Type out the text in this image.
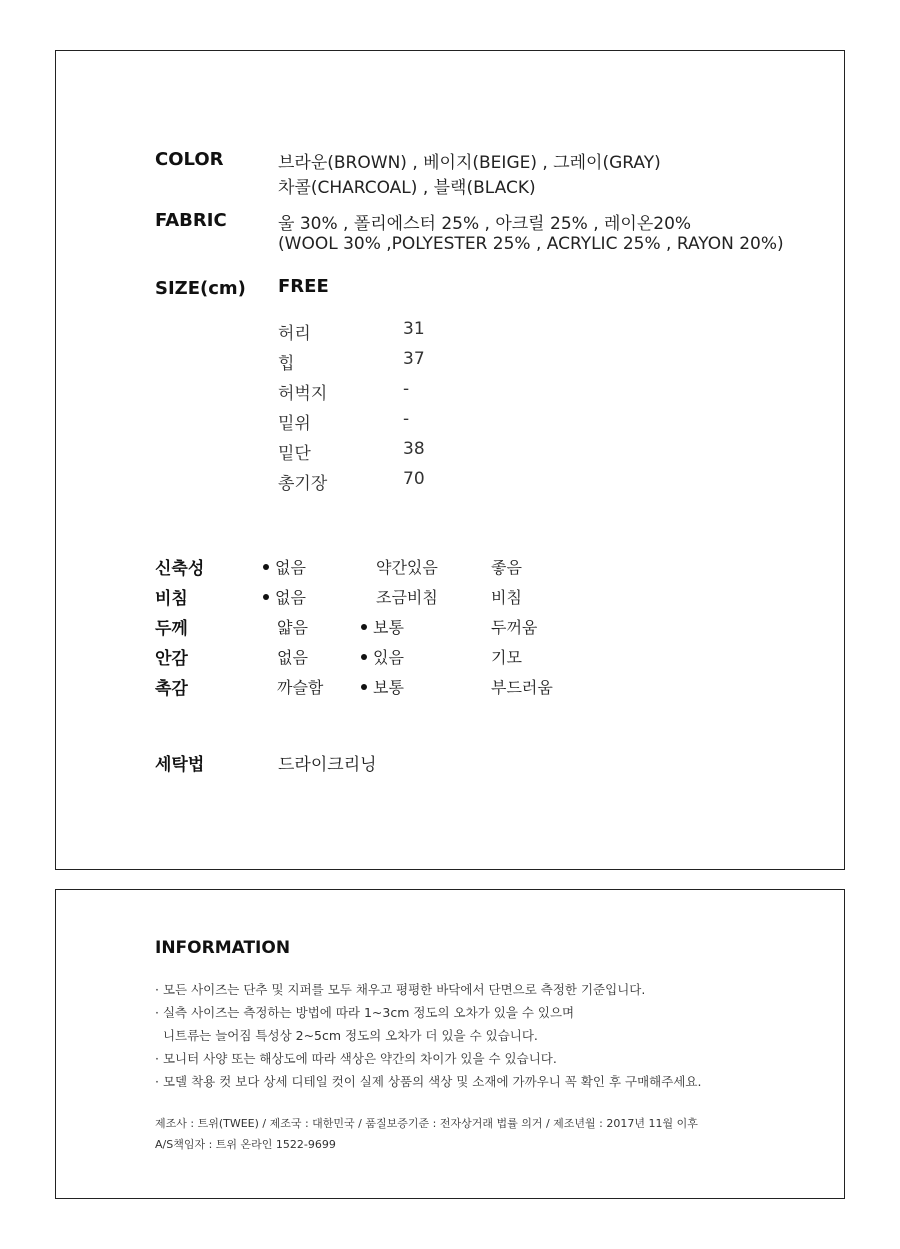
COLOR	브라운(BROWN) , 베이지(BEIGE) , 그레이(GRAY)
차콜(CHARCOAL) , 블랙(BLACK)
FABRIC	울 30% , 폴리에스터 25% , 아크릴 25% , 레이온20%
(WOOL 30% ,POLYESTER 25% , ACRYLIC 25% , RAYON 20%)
SIZE(cm) FREE
허리	31
힙	37
허벅지	-
밑위	-
밑단	38
총기장	70
신축성	없음	약간있음	좋음
비침	없음	조금비침	비침
두께	얇음	보통	두꺼움
안감	없음	있음	기모
촉감	까슬함	보통	부드러움
세탁법	드라이크리닝
INFORMATION
· 모든 사이즈는 단추 및 지퍼를 모두 채우고 평평한 바닥에서 단면으로 측정한 기준입니다.
· 실측 사이즈는 측정하는 방법에 따라 1~3cm 정도의 오차가 있을 수 있으며
니트류는 늘어짐 특성상 2~5cm 정도의 오차가 더 있을 수 있습니다.
· 모니터 사양 또는 해상도에 따라 색상은 약간의 차이가 있을 수 있습니다.
· 모델 착용 컷 보다 상세 디테일 컷이 실제 상품의 색상 및 소재에 가까우니 꼭 확인 후 구매해주세요.
제조사 : 트위(TWEE) / 제조국 : 대한민국 / 품질보증기준 : 전자상거래 법률 의거 / 제조년월 : 2017년 11월 이후
A/S책임자 : 트위 온라인 1522-9699
